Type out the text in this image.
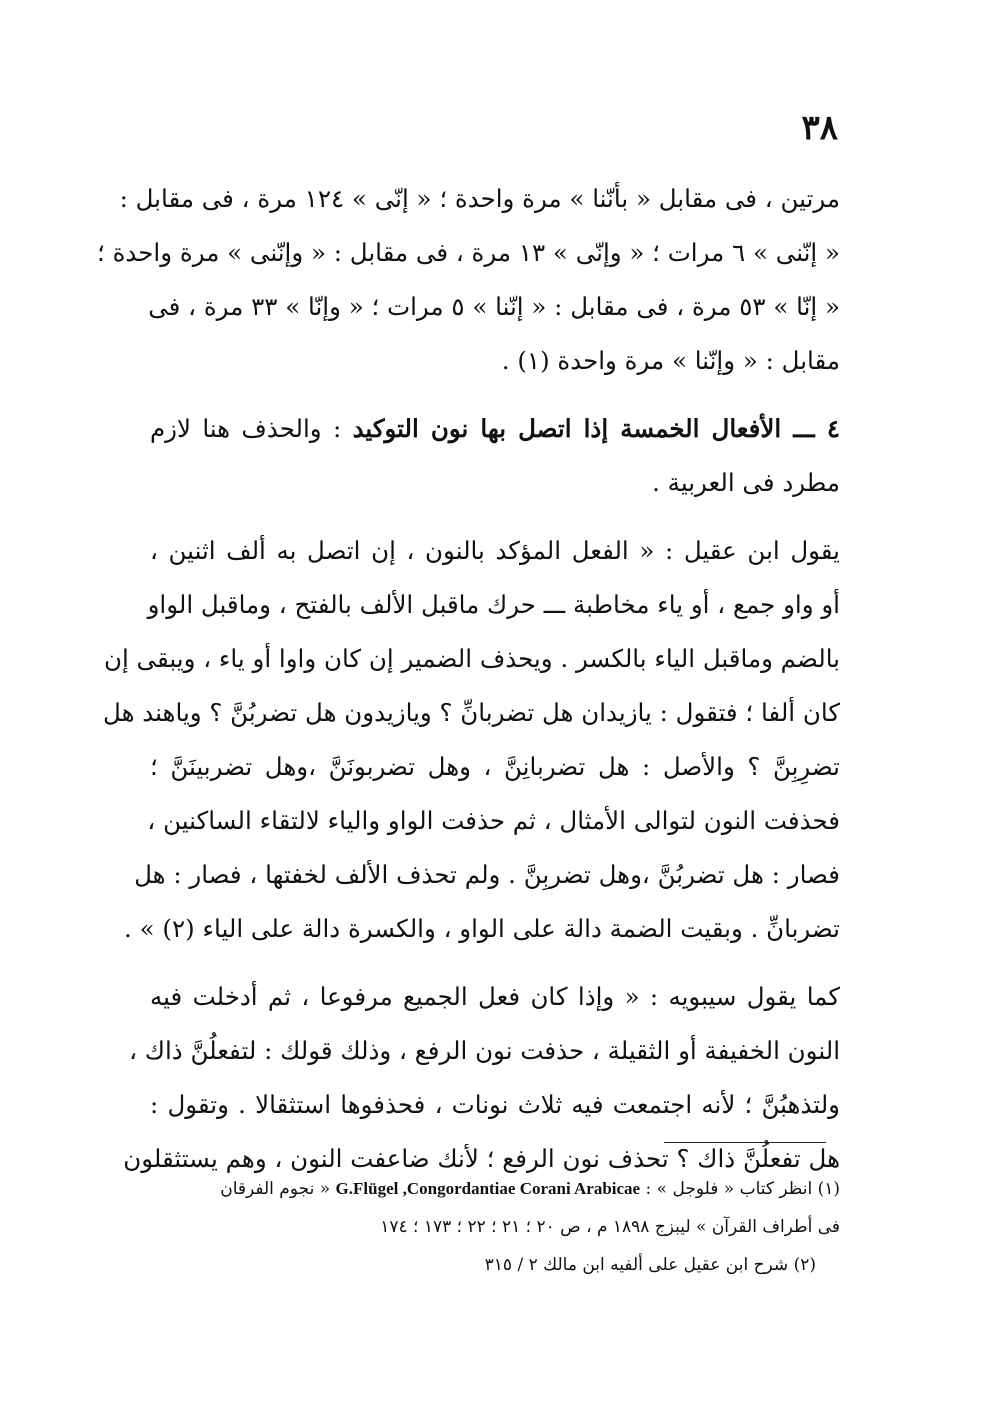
٣٨
مرتين ، فى مقابل « بأنّنا » مرة واحدة ؛ « إنّى » ١٢٤ مرة ، فى مقابل :
« إنّنى » ٦ مرات ؛ « وإنّى » ١٣ مرة ، فى مقابل : « وإنّنى » مرة واحدة ؛
« إنّا » ٥٣ مرة ، فى مقابل : « إنّنا » ٥ مرات ؛ « وإنّا » ٣٣ مرة ، فى
مقابل : « وإنّنا » مرة واحدة (١) .
٤ ـــ الأفعال الخمسة إذا اتصل بها نون التوكيد : والحذف هنا لازم
مطرد فى العربية .
يقول ابن عقيل : « الفعل المؤكد بالنون ، إن اتصل به ألف اثنين ،
أو واو جمع ، أو ياء مخاطبة ـــ حرك ماقبل الألف بالفتح ، وماقبل الواو
بالضم وماقبل الياء بالكسر . ويحذف الضمير إن كان واوا أو ياء ، ويبقى إن
كان ألفا ؛ فتقول : يازيدان هل تضربانِّ ؟ ويازيدون هل تضربُنَّ ؟ وياهند هل
تضرِبِنَّ ؟ والأصل : هل تضربانِنَّ ، وهل تضربونَنَّ ،وهل تضربينَنَّ ؛
فحذفت النون لتوالى الأمثال ، ثم حذفت الواو والياء لالتقاء الساكنين ،
فصار : هل تضربُنَّ ،وهل تضربِنَّ . ولم تحذف الألف لخفتها ، فصار : هل
تضربانِّ . وبقيت الضمة دالة على الواو ، والكسرة دالة على الياء (٢) » .
كما يقول سيبويه : « وإذا كان فعل الجميع مرفوعا ، ثم أدخلت فيه
النون الخفيفة أو الثقيلة ، حذفت نون الرفع ، وذلك قولك : لتفعلُنَّ ذاك ،
ولتذهبُنَّ ؛ لأنه اجتمعت فيه ثلاث نونات ، فحذفوها استثقالا . وتقول :
هل تفعلُنَّ ذاك ؟ تحذف نون الرفع ؛ لأنك ضاعفت النون ، وهم يستثقلون
(١) انظر كتاب « فلوجل » : G.Flügel ,Congordantiae Corani Arabicae « نجوم الفرقان
فى أطراف القرآن » ليبزج ١٨٩٨ م ، ص ٢٠ ؛ ٢١ ؛ ٢٢ ؛ ١٧٣ ؛ ١٧٤
(٢) شرح ابن عقيل على ألفيه ابن مالك ٢ / ٣١٥
